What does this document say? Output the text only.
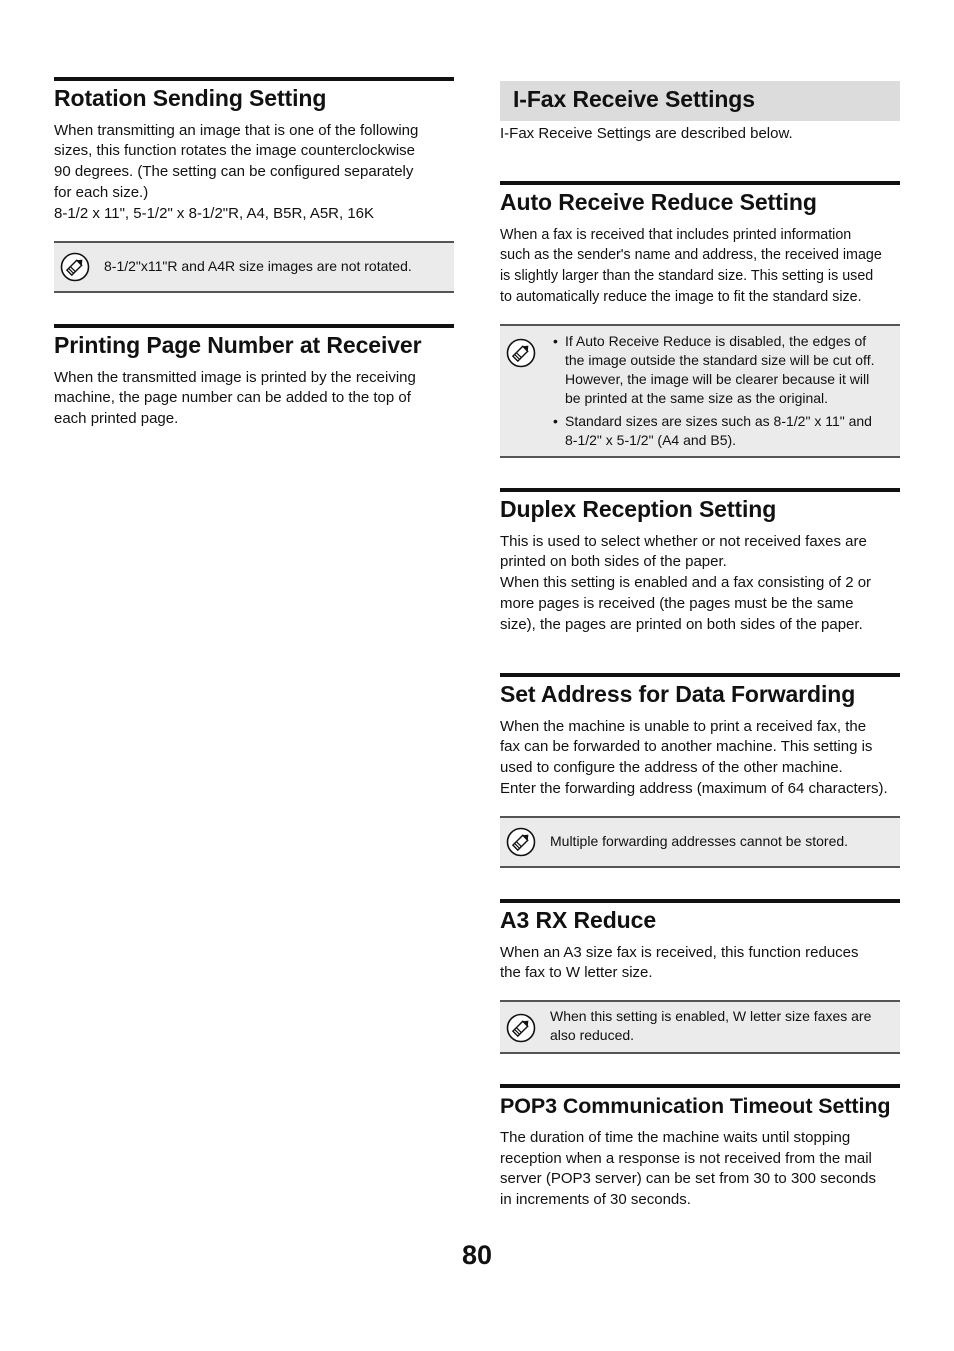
Rotation Sending Setting

When transmitting an image that is one of the following
sizes, this function rotates the image counterclockwise
90 degrees. (The setting can be configured separately
for each size.)
8-1/2 x 11", 5-1/2" x 8-1/2"R, A4, B5R, A5R, 16K

8-1/2"x11"R and A4R size images are not rotated.
Printing Page Number at Receiver

When the transmitted image is printed by the receiving
machine, the page number can be added to the top of
each printed page.

I-Fax Receive Settings

I-Fax Receive Settings are described below.

Auto Receive Reduce Setting

When a fax is received that includes printed information
such as the sender's name and address, the received image
is slightly larger than the standard size. This setting is used
to automatically reduce the image to fit the standard size.

• If Auto Receive Reduce is disabled, the edges of
the image outside the standard size will be cut off.
However, the image will be clearer because it will
be printed at the same size as the original.
• Standard sizes are sizes such as 8-1/2" x 11" and
8-1/2" x 5-1/2" (A4 and B5).
Duplex Reception Setting

This is used to select whether or not received faxes are
printed on both sides of the paper.
When this setting is enabled and a fax consisting of 2 or
more pages is received (the pages must be the same
size), the pages are printed on both sides of the paper.

Set Address for Data Forwarding

When the machine is unable to print a received fax, the
fax can be forwarded to another machine. This setting is
used to configure the address of the other machine.
Enter the forwarding address (maximum of 64 characters).

Multiple forwarding addresses cannot be stored.
A3 RX Reduce

When an A3 size fax is received, this function reduces
the fax to W letter size.

When this setting is enabled, W letter size faxes are
also reduced.
POP3 Communication Timeout Setting

The duration of time the machine waits until stopping
reception when a response is not received from the mail
server (POP3 server) can be set from 30 to 300 seconds
in increments of 30 seconds.

80
